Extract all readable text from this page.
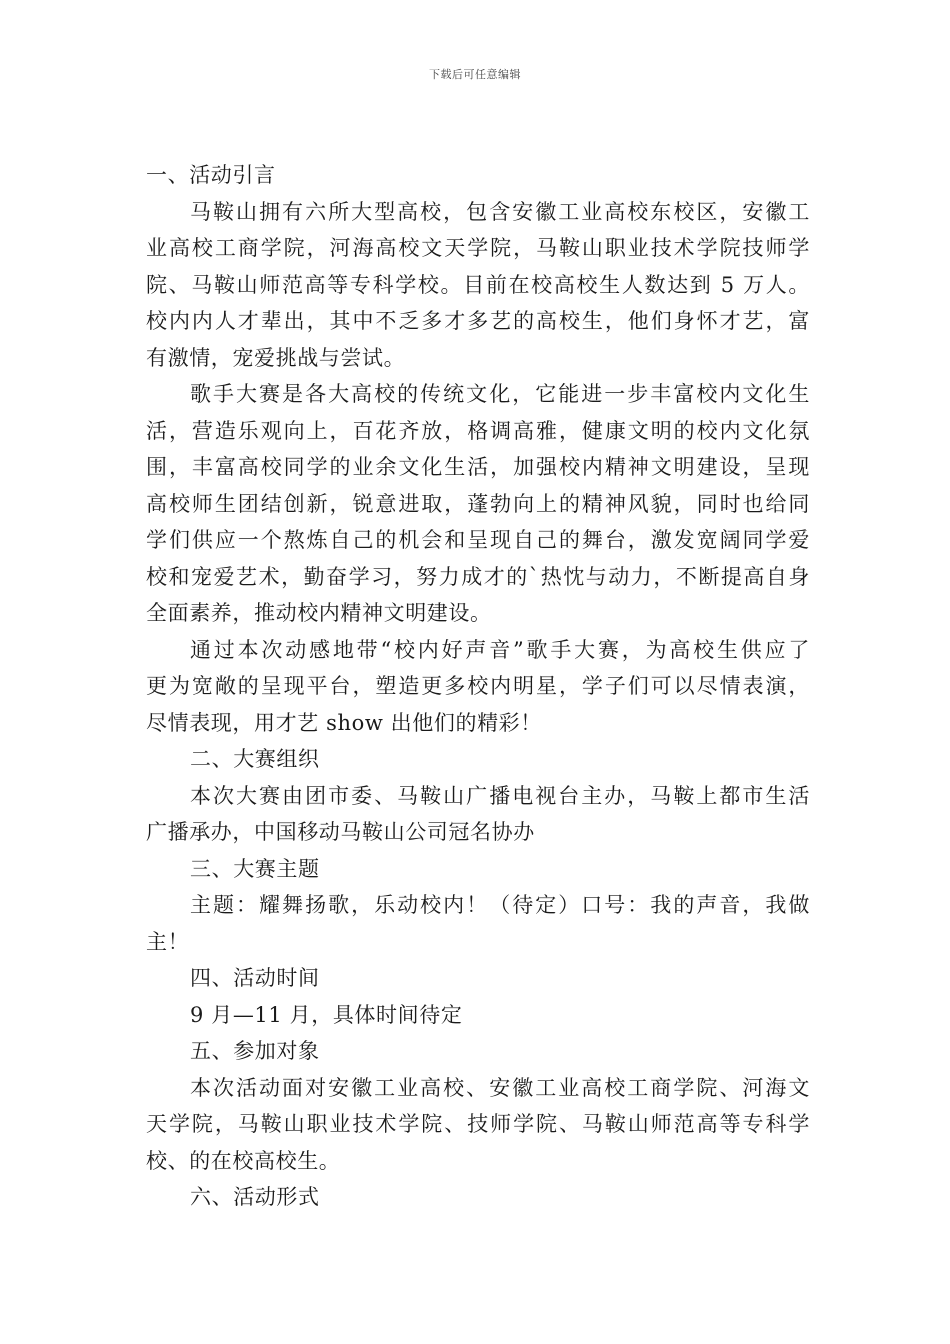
下载后可任意编辑
一、活动引言
马鞍山拥有六所大型高校，包含安徽工业高校东校区，安徽工
业高校工商学院，河海高校文天学院，马鞍山职业技术学院技师学
院、马鞍山师范高等专科学校。目前在校高校生人数达到 5 万人。
校内内人才辈出，其中不乏多才多艺的高校生，他们身怀才艺，富
有激情，宠爱挑战与尝试。
歌手大赛是各大高校的传统文化，它能进一步丰富校内文化生
活，营造乐观向上，百花齐放，格调高雅，健康文明的校内文化氛
围，丰富高校同学的业余文化生活，加强校内精神文明建设，呈现
高校师生团结创新，锐意进取，蓬勃向上的精神风貌，同时也给同
学们供应一个熬炼自己的机会和呈现自己的舞台，激发宽阔同学爱
校和宠爱艺术，勤奋学习，努力成才的`热忱与动力，不断提高自身
全面素养，推动校内精神文明建设。
通过本次动感地带“校内好声音”歌手大赛，为高校生供应了
更为宽敞的呈现平台，塑造更多校内明星，学子们可以尽情表演，
尽情表现，用才艺 show 出他们的精彩！
二、大赛组织
本次大赛由团市委、马鞍山广播电视台主办，马鞍上都市生活
广播承办，中国移动马鞍山公司冠名协办
三、大赛主题
主题：耀舞扬歌，乐动校内！（待定）口号：我的声音，我做
主！
四、活动时间
9 月—11 月，具体时间待定
五、参加对象
本次活动面对安徽工业高校、安徽工业高校工商学院、河海文
天学院，马鞍山职业技术学院、技师学院、马鞍山师范高等专科学
校、的在校高校生。
六、活动形式
